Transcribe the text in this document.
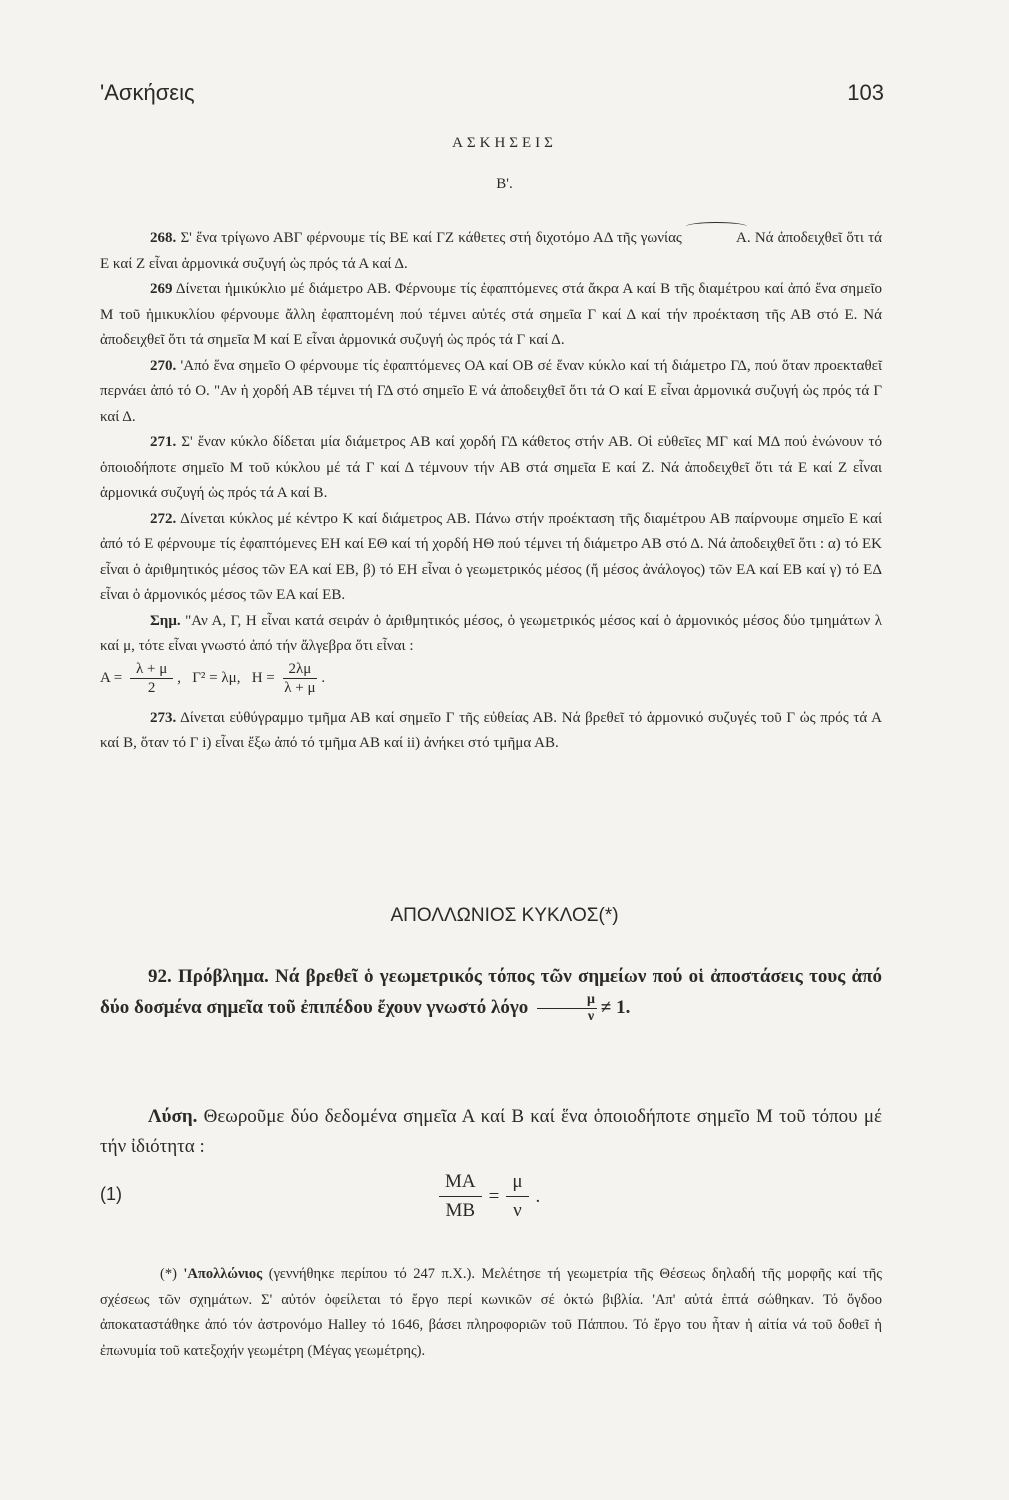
'Ασκήσεις	103
ΑΣΚΗΣΕΙΣ
Β'.

268. Σ' ἕνα τρίγωνο ΑΒΓ φέρνουμε τίς ΒΕ καί ΓΖ κάθετες στή διχοτόμο ΑΔ τῆς γωνίας	Α. Νά ἀποδειχθεῖ ὅτι τά Ε καί Ζ εἶναι ἁρμονικά συζυγή ὡς πρός τά Α καί Δ.

269 Δίνεται ἡμικύκλιο μέ διάμετρο ΑΒ. Φέρνουμε τίς ἐφαπτόμενες στά ἄκρα Α καί Β τῆς διαμέτρου καί ἀπό ἕνα σημεῖο Μ τοῦ ἡμικυκλίου φέρνουμε ἄλλη ἐφαπτομένη πού τέμνει αὐτές στά σημεῖα Γ καί Δ καί τήν προέκταση τῆς ΑΒ στό Ε. Νά ἀποδειχθεῖ ὅτι τά σημεῖα Μ καί Ε εἶναι ἁρμονικά συζυγή ὡς πρός τά Γ καί Δ.

270. 'Από ἕνα σημεῖο Ο φέρνουμε τίς ἐφαπτόμενες ΟΑ καί ΟΒ σέ ἕναν κύκλο καί τή διάμετρο ΓΔ, πού ὅταν προεκταθεῖ περνάει ἀπό τό Ο. "Αν ἡ χορδή ΑΒ τέμνει τή ΓΔ στό σημεῖο Ε νά ἀποδειχθεῖ ὅτι τά Ο καί Ε εἶναι ἁρμονικά συζυγή ὡς πρός τά Γ καί Δ.

271. Σ' ἕναν κύκλο δίδεται μία διάμετρος ΑΒ καί χορδή ΓΔ κάθετος στήν ΑΒ. Οἱ εὐθεῖες ΜΓ καί ΜΔ πού ἑνώνουν τό ὁποιοδήποτε σημεῖο Μ τοῦ κύκλου μέ τά Γ καί Δ τέμνουν τήν ΑΒ στά σημεῖα Ε καί Ζ. Νά ἀποδειχθεῖ ὅτι τά Ε καί Ζ εἶναι ἁρμονικά συζυγή ὡς πρός τά Α καί Β.

272. Δίνεται κύκλος μέ κέντρο Κ καί διάμετρος ΑΒ. Πάνω στήν προέκταση τῆς διαμέτρου ΑΒ παίρνουμε σημεῖο Ε καί ἀπό τό Ε φέρνουμε τίς ἐφαπτόμενες ΕΗ καί ΕΘ καί τή χορδή ΗΘ πού τέμνει τή διάμετρο ΑΒ στό Δ. Νά ἀποδειχθεῖ ὅτι : α) τό ΕΚ εἶναι ὁ ἀριθμητικός μέσος τῶν ΕΑ καί ΕΒ, β) τό ΕΗ εἶναι ὁ γεωμετρικός μέσος (ἤ μέσος ἀνάλογος) τῶν ΕΑ καί ΕΒ καί γ) τό ΕΔ εἶναι ὁ ἁρμονικός μέσος τῶν ΕΑ καί ΕΒ.

Σημ. "Αν Α, Γ, Η εἶναι κατά σειράν ὁ ἀριθμητικός μέσος, ὁ γεωμετρικός μέσος καί ὁ ἁρμονικός μέσος δύο τμημάτων λ καί μ, τότε εἶναι γνωστό ἀπό τήν ἄλγεβρα ὅτι εἶναι :

$A = \frac{\lambda + \mu}{2}$ , Γ² = λμ, $H = \frac{2\lambda\mu}{\lambda + \mu}$ .

273. Δίνεται εὐθύγραμμο τμῆμα ΑΒ καί σημεῖο Γ τῆς εὐθείας ΑΒ. Νά βρεθεῖ τό ἁρμονικό συζυγές τοῦ Γ ὡς πρός τά Α καί Β, ὅταν τό Γ i) εἶναι ἔξω ἀπό τό τμῆμα ΑΒ καί ii) ἀνήκει στό τμῆμα ΑΒ.

ΑΠΟΛΛΩΝΙΟΣ ΚΥΚΛΟΣ(*)

92. Πρόβλημα. Νά βρεθεῖ ὁ γεωμετρικός τόπος τῶν σημείων πού οἱ ἀποστάσεις τους ἀπό δύο δοσμένα σημεῖα τοῦ ἐπιπέδου ἔχουν γνωστό λόγο $\frac{\mu}{\nu} \ne 1$.

Λύση. Θεωροῦμε δύο δεδομένα σημεῖα Α καί Β καί ἕνα ὁποιοδήποτε σημεῖο Μ τοῦ τόπου μέ τήν ἰδιότητα :

(1)	$\frac{MA}{MB} = \frac{\mu}{\nu}$ .

(*) 'Απολλώνιος (γεννήθηκε περίπου τό 247 π.Χ.). Μελέτησε τή γεωμετρία τῆς Θέσεως δηλαδή τῆς μορφῆς καί τῆς σχέσεως τῶν σχημάτων. Σ' αὐτόν ὀφείλεται τό ἔργο περί κωνικῶν σέ ὀκτώ βιβλία. 'Απ' αὐτά ἑπτά σώθηκαν. Τό ὄγδοο ἀποκαταστάθηκε ἀπό τόν ἀστρονόμο Halley τό 1646, βάσει πληροφοριῶν τοῦ Πάππου. Τό ἔργο του ἦταν ἡ αἰτία νά τοῦ δοθεῖ ἡ ἐπωνυμία τοῦ κατεξοχήν γεωμέτρη (Μέγας γεωμέτρης).
